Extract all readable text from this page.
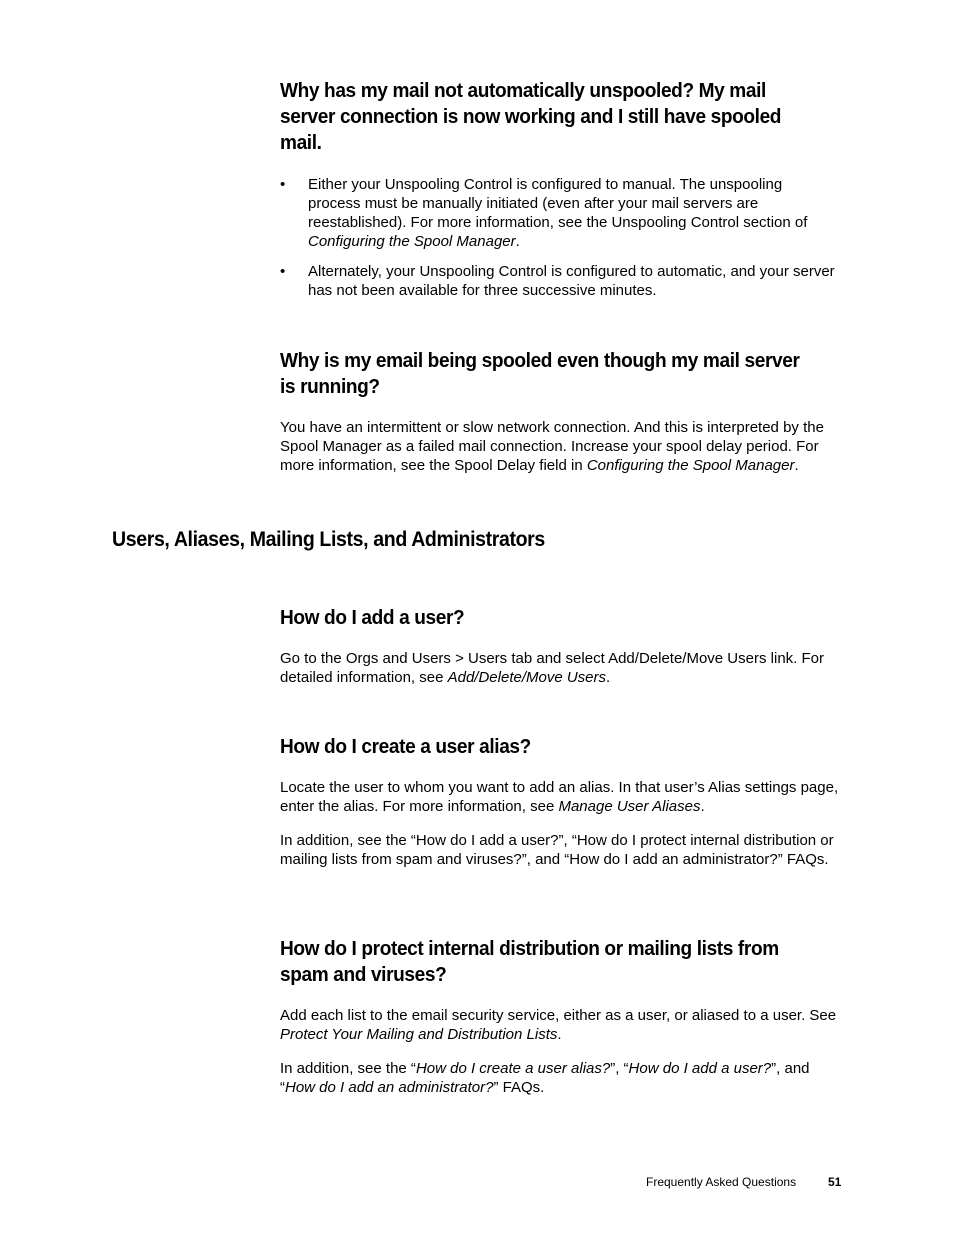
Why has my mail not automatically unspooled? My mail server connection is now working and I still have spooled mail.
• Either your Unspooling Control is configured to manual. The unspooling process must be manually initiated (even after your mail servers are reestablished). For more information, see the Unspooling Control section of Configuring the Spool Manager.

• Alternately, your Unspooling Control is configured to automatic, and your server has not been available for three successive minutes.

Why is my email being spooled even though my mail server is running?

You have an intermittent or slow network connection. And this is interpreted by the Spool Manager as a failed mail connection. Increase your spool delay period. For more information, see the Spool Delay field in Configuring the Spool Manager.

Users, Aliases, Mailing Lists, and Administrators
How do I add a user?

Go to the Orgs and Users > Users tab and select Add/Delete/Move Users link. For detailed information, see Add/Delete/Move Users.

How do I create a user alias?

Locate the user to whom you want to add an alias. In that user’s Alias settings page, enter the alias. For more information, see Manage User Aliases.

In addition, see the “How do I add a user?”, “How do I protect internal distribution or mailing lists from spam and viruses?”, and “How do I add an administrator?” FAQs.

How do I protect internal distribution or mailing lists from spam and viruses?

Add each list to the email security service, either as a user, or aliased to a user. See Protect Your Mailing and Distribution Lists.

In addition, see the “How do I create a user alias?”, “How do I add a user?”, and “How do I add an administrator?” FAQs.

Frequently Asked Questions	51
